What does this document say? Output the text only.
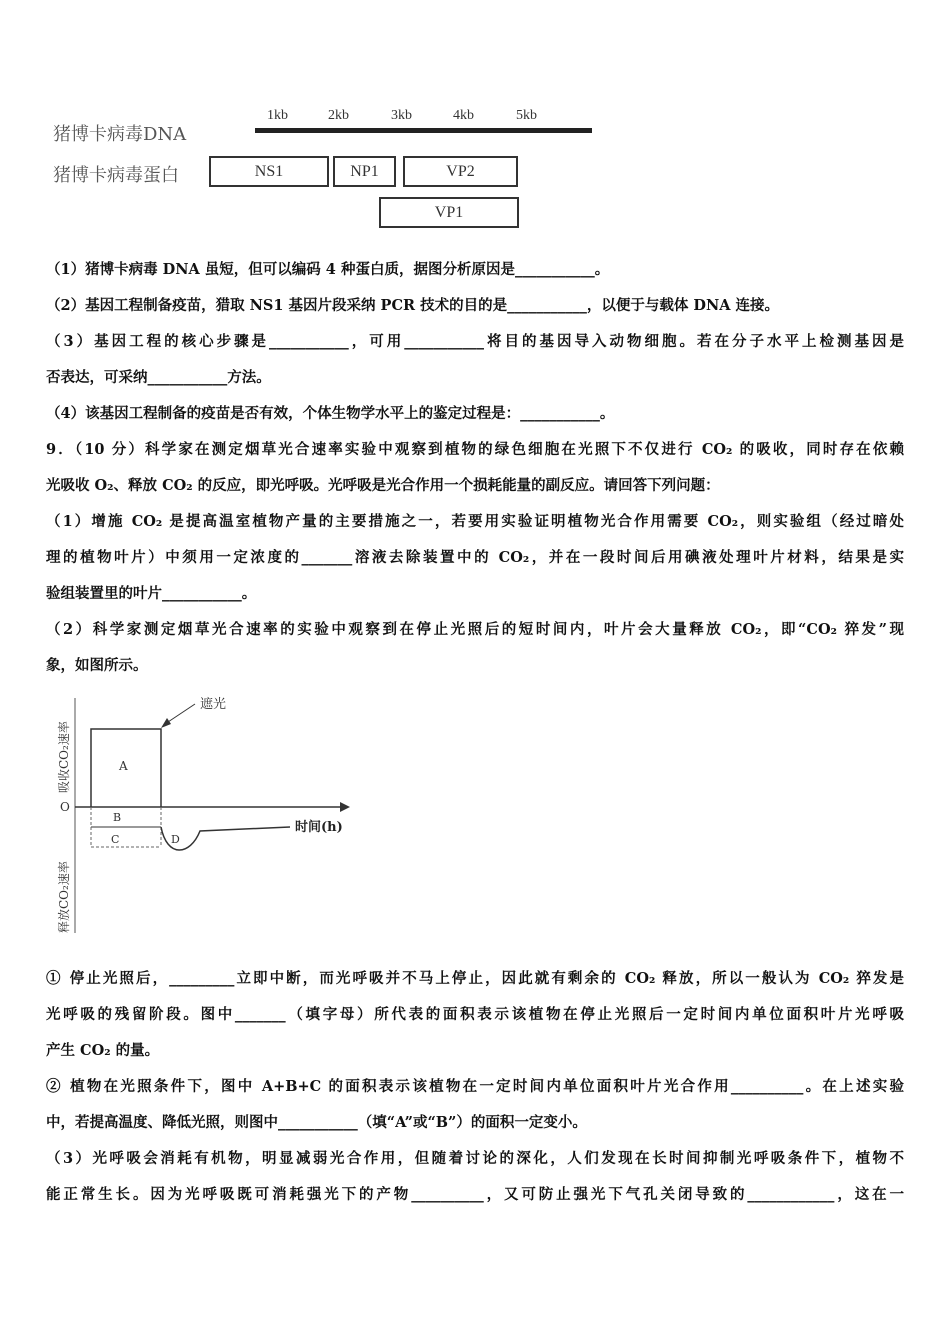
猪博卡病毒DNA
猪博卡病毒蛋白
1kb	2kb	3kb	4kb	5kb
NS1	NP1	VP2
VP1
（1）猪博卡病毒 DNA 虽短，但可以编码 4 种蛋白质，据图分析原因是___________。
（2）基因工程制备疫苗，猎取 NS1 基因片段采纳 PCR 技术的目的是___________，以便于与载体 DNA 连接。
（3）基因工程的核心步骤是___________，可用___________将目的基因导入动物细胞。若在分子水平上检测基因是
否表达，可采纳___________方法。
（4）该基因工程制备的疫苗是否有效，个体生物学水平上的鉴定过程是：___________。
9．（10 分）科学家在测定烟草光合速率实验中观察到植物的绿色细胞在光照下不仅进行 CO₂ 的吸收，同时存在依赖
光吸收 O₂、释放 CO₂ 的反应，即光呼吸。光呼吸是光合作用一个损耗能量的副反应。请回答下列问题：
（1）增施 CO₂ 是提高温室植物产量的主要措施之一，若要用实验证明植物光合作用需要 CO₂，则实验组（经过暗处
理的植物叶片）中须用一定浓度的_______溶液去除装置中的 CO₂，并在一段时间后用碘液处理叶片材料，结果是实
验组装置里的叶片___________。
（2）科学家测定烟草光合速率的实验中观察到在停止光照后的短时间内，叶片会大量释放 CO₂，即“CO₂ 猝发”现
象，如图所示。
遮光
O
A
B
C	D
时间(h)
吸收CO₂速率
释放CO₂速率
① 停止光照后，_________立即中断，而光呼吸并不马上停止，因此就有剩余的 CO₂ 释放，所以一般认为 CO₂ 猝发是
光呼吸的残留阶段。图中_______（填字母）所代表的面积表示该植物在停止光照后一定时间内单位面积叶片光呼吸
产生 CO₂ 的量。
② 植物在光照条件下，图中 A+B+C 的面积表示该植物在一定时间内单位面积叶片光合作用__________。在上述实验
中，若提高温度、降低光照，则图中___________（填“A”或“B”）的面积一定变小。
（3）光呼吸会消耗有机物，明显减弱光合作用，但随着讨论的深化，人们发现在长时间抑制光呼吸条件下，植物不
能正常生长。因为光呼吸既可消耗强光下的产物__________，又可防止强光下气孔关闭导致的____________，这在一
